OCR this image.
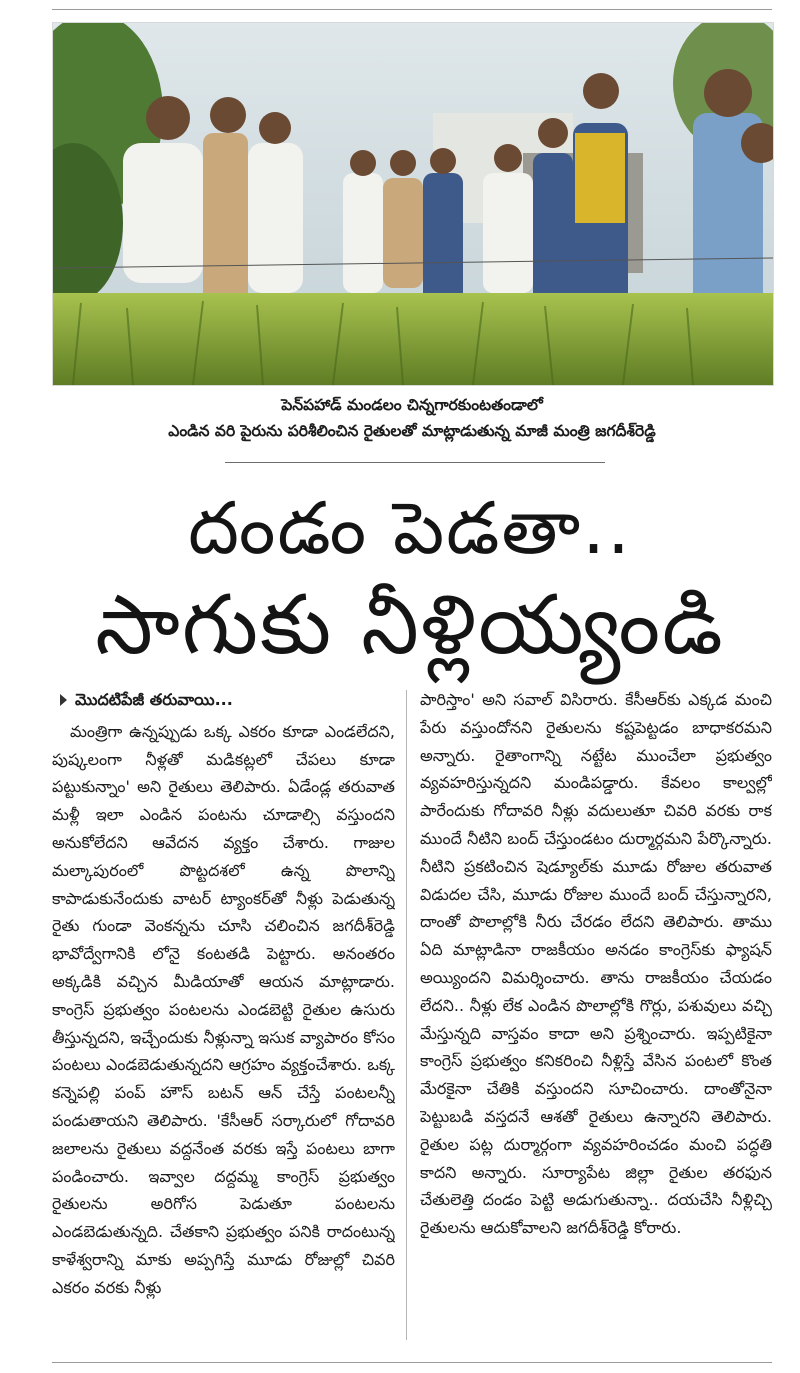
పెన్‌పహాడ్ మండలం చిన్నగారకుంటతండాలో
ఎండిన వరి పైరును పరిశీలించిన రైతులతో మాట్లాడుతున్న మాజీ మంత్రి జగదీశ్‌రెడ్డి
దండం పెడతా..
సాగుకు నీళ్లియ్యండి
మొదటిపేజీ తరువాయి...

మంత్రిగా ఉన్నప్పుడు ఒక్క ఎకరం కూడా ఎండలేదని, పుష్కలంగా నీళ్లతో మడికట్లలో చేపలు కూడా పట్టుకున్నాం' అని రైతులు తెలిపారు. ఏడేండ్ల తరువాత మళ్లీ ఇలా ఎండిన పంటను చూడాల్సి వస్తుందని అనుకోలేదని ఆవేదన వ్యక్తం చేశారు. గాజుల మల్కాపురంలో పొట్టదశలో ఉన్న పొలాన్ని కాపాడుకునేందుకు వాటర్ ట్యాంకర్‌తో నీళ్లు పెడుతున్న రైతు గుండా వెంకన్నను చూసి చలించిన జగదీశ్‌రెడ్డి భావోద్వేగానికి లోనై కంటతడి పెట్టారు. అనంతరం అక్కడికి వచ్చిన మీడియాతో ఆయన మాట్లాడారు. కాంగ్రెస్ ప్రభుత్వం పంటలను ఎండబెట్టి రైతుల ఉసురు తీస్తున్నదని, ఇచ్చేందుకు నీళ్లున్నా ఇసుక వ్యాపారం కోసం పంటలు ఎండబెడుతున్నదని ఆగ్రహం వ్యక్తంచేశారు. ఒక్క కన్నెపల్లి పంప్ హౌస్ బటన్ ఆన్ చేస్తే పంటలన్నీ పండుతాయని తెలిపారు. 'కేసీఆర్ సర్కారులో గోదావరి జలాలను రైతులు వద్దనేంత వరకు ఇస్తే పంటలు బాగా పండించారు. ఇవ్వాల దద్దమ్మ కాంగ్రెస్ ప్రభుత్వం రైతులను అరిగోస పెడుతూ పంటలను ఎండబెడుతున్నది. చేతకాని ప్రభుత్వం పనికి రాదంటున్న కాళేశ్వరాన్ని మాకు అప్పగిస్తే మూడు రోజుల్లో చివరి ఎకరం వరకు నీళ్లు

పారిస్తాం' అని సవాల్ విసిరారు. కేసీఆర్‌కు ఎక్కడ మంచి పేరు వస్తుందోనని రైతులను కష్టపెట్టడం బాధాకరమని అన్నారు. రైతాంగాన్ని నట్టేట ముంచేలా ప్రభుత్వం వ్యవహరిస్తున్నదని మండిపడ్డారు. కేవలం కాల్వల్లో పారేందుకు గోదావరి నీళ్లు వదులుతూ చివరి వరకు రాక ముందే నీటిని బంద్ చేస్తుండటం దుర్మార్గమని పేర్కొన్నారు. నీటిని ప్రకటించిన షెడ్యూల్‌కు మూడు రోజుల తరువాత విడుదల చేసి, మూడు రోజుల ముందే బంద్ చేస్తున్నారని, దాంతో పొలాల్లోకి నీరు చేరడం లేదని తెలిపారు. తాము ఏది మాట్లాడినా రాజకీయం అనడం కాంగ్రెస్‌కు ఫ్యాషన్ అయ్యిందని విమర్శించారు. తాను రాజకీయం చేయడం లేదని.. నీళ్లు లేక ఎండిన పొలాల్లోకి గొర్లు, పశువులు వచ్చి మేస్తున్నది వాస్తవం కాదా అని ప్రశ్నించారు. ఇప్పటికైనా కాంగ్రెస్ ప్రభుత్వం కనికరించి నీళ్లిస్తే వేసిన పంటలో కొంత మేరకైనా చేతికి వస్తుందని సూచించారు. దాంతోనైనా పెట్టుబడి వస్తదనే ఆశతో రైతులు ఉన్నారని తెలిపారు. రైతుల పట్ల దుర్మార్గంగా వ్యవహరించడం మంచి పద్ధతి కాదని అన్నారు. సూర్యాపేట జిల్లా రైతుల తరఫున చేతులెత్తి దండం పెట్టి అడుగుతున్నా.. దయచేసి నీళ్లిచ్చి రైతులను ఆదుకోవాలని జగదీశ్‌రెడ్డి కోరారు.
